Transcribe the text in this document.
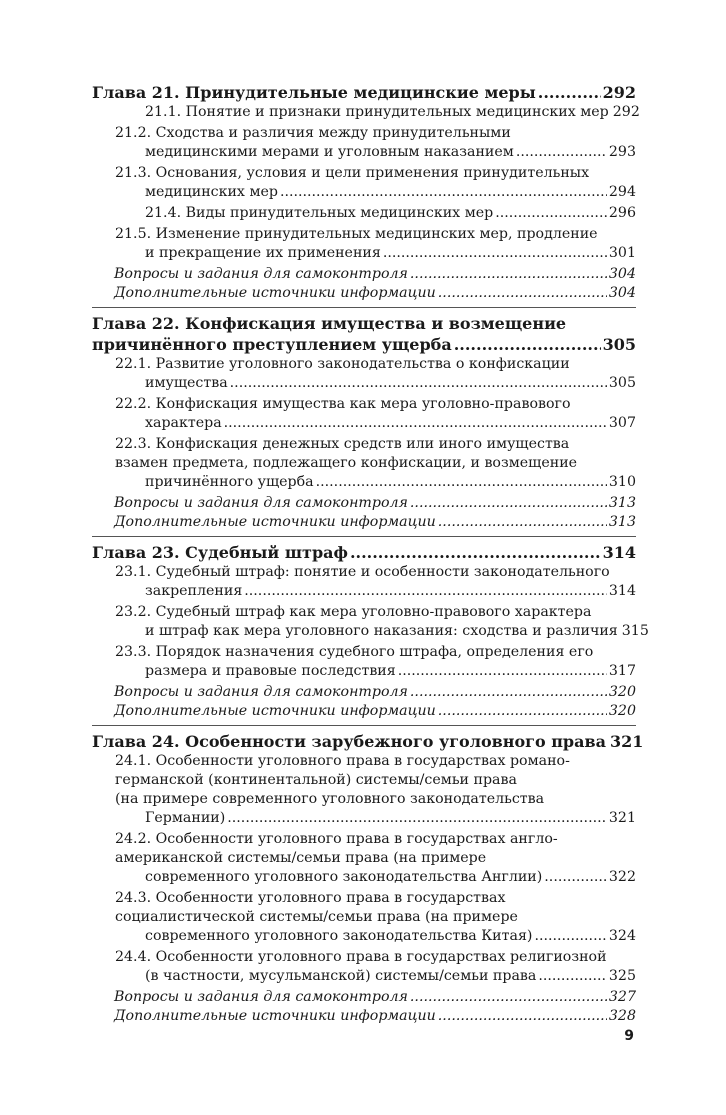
Глава 21. Принудительные медицинские меры .....	292
21.1. Понятие и признаки принудительных медицинских мер 292
21.2. Сходства и различия между принудительными
медицинскими мерами и уголовным наказанием .....	293
21.3. Основания, условия и цели применения принудительных
медицинских мер .....	294
21.4. Виды принудительных медицинских мер .....	296
21.5. Изменение принудительных медицинских мер, продление
и прекращение их применения .....	301
Вопросы и задания для самоконтроля .....	304
Дополнительные источники информации .....	304
Глава 22. Конфискация имущества и возмещение
причинённого преступлением ущерба .....	305
22.1. Развитие уголовного законодательства о конфискации
имущества .....	305
22.2. Конфискация имущества как мера уголовно-правового
характера .....	307
22.3. Конфискация денежных средств или иного имущества
взамен предмета, подлежащего конфискации, и возмещение
причинённого ущерба .....	310
Вопросы и задания для самоконтроля .....	313
Дополнительные источники информации .....	313
Глава 23. Судебный штраф .....	314
23.1. Судебный штраф: понятие и особенности законодательного
закрепления .....	314
23.2. Судебный штраф как мера уголовно-правового характера
и штраф как мера уголовного наказания: сходства и различия 315
23.3. Порядок назначения судебного штрафа, определения его
размера и правовые последствия .....	317
Вопросы и задания для самоконтроля .....	320
Дополнительные источники информации .....	320
Глава 24. Особенности зарубежного уголовного права 321
24.1. Особенности уголовного права в государствах романо-
германской (континентальной) системы/семьи права
(на примере современного уголовного законодательства
Германии) .....	321
24.2. Особенности уголовного права в государствах англо-
американской системы/семьи права (на примере
современного уголовного законодательства Англии) .....	322
24.3. Особенности уголовного права в государствах
социалистической системы/семьи права (на примере
современного уголовного законодательства Китая) .....	324
24.4. Особенности уголовного права в государствах религиозной
(в частности, мусульманской) системы/семьи права .....	325
Вопросы и задания для самоконтроля .....	327
Дополнительные источники информации .....	328
9
